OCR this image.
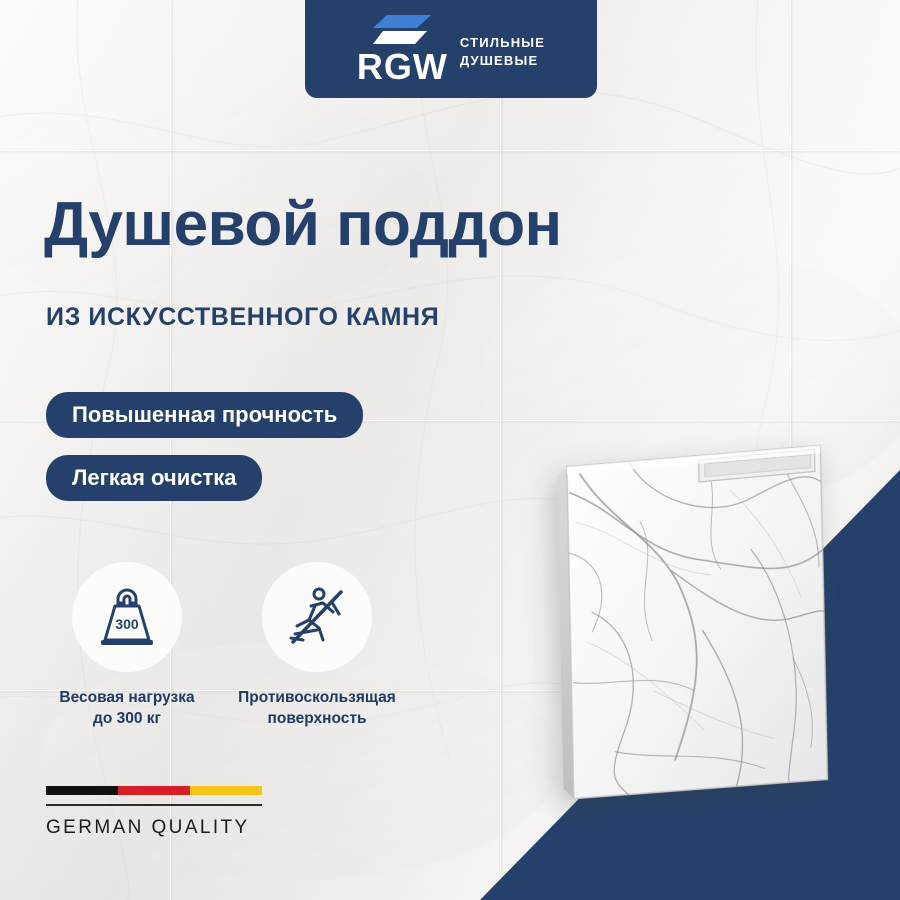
RGW
СТИЛЬНЫЕ
ДУШЕВЫЕ
Душевой поддон
ИЗ ИСКУССТВЕННОГО КАМНЯ
Повышенная прочность
Легкая очистка
300
Весовая нагрузка
до 300 кг
Противоскользящая
поверхность
GERMAN QUALITY
